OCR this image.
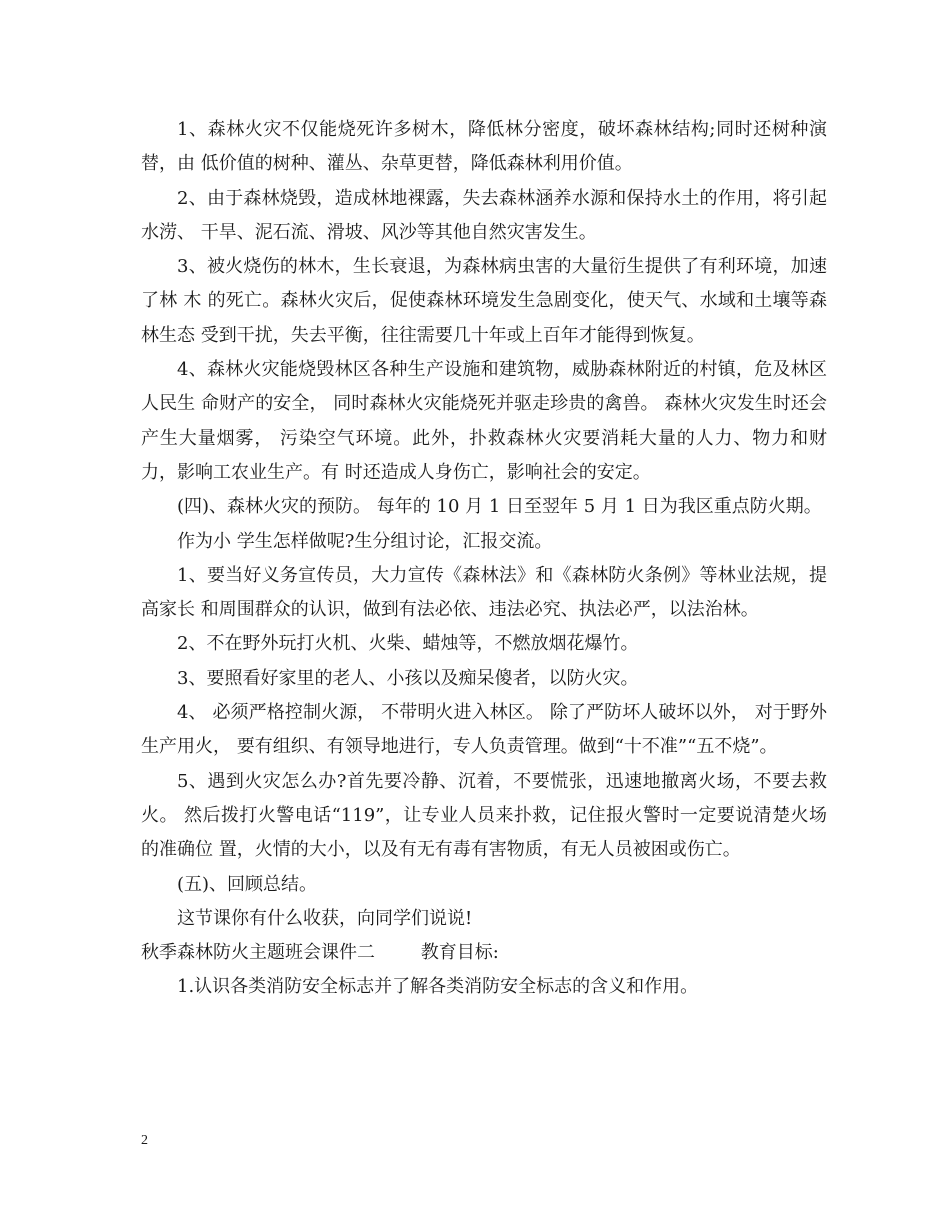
1、森林火灾不仅能烧死许多树木，降低林分密度，破坏森林结构;同时还树种演替，由 低价值的树种、灌丛、杂草更替，降低森林利用价值。

2、由于森林烧毁，造成林地裸露，失去森林涵养水源和保持水土的作用，将引起水涝、 干旱、泥石流、滑坡、风沙等其他自然灾害发生。

3、被火烧伤的林木，生长衰退，为森林病虫害的大量衍生提供了有利环境，加速了林 木 的死亡。森林火灾后，促使森林环境发生急剧变化，使天气、水域和土壤等森林生态 受到干扰，失去平衡，往往需要几十年或上百年才能得到恢复。

4、森林火灾能烧毁林区各种生产设施和建筑物，威胁森林附近的村镇，危及林区人民生 命财产的安全， 同时森林火灾能烧死并驱走珍贵的禽兽。 森林火灾发生时还会产生大量烟雾， 污染空气环境。此外，扑救森林火灾要消耗大量的人力、物力和财力，影响工农业生产。有 时还造成人身伤亡，影响社会的安定。

(四)、森林火灾的预防。 每年的 10 月 1 日至翌年 5 月 1 日为我区重点防火期。

作为小 学生怎样做呢?生分组讨论，汇报交流。

1、要当好义务宣传员，大力宣传《森林法》和《森林防火条例》等林业法规，提高家长 和周围群众的认识，做到有法必依、违法必究、执法必严，以法治林。

2、不在野外玩打火机、火柴、蜡烛等，不燃放烟花爆竹。

3、要照看好家里的老人、小孩以及痴呆傻者，以防火灾。

4、 必须严格控制火源， 不带明火进入林区。 除了严防坏人破坏以外， 对于野外生产用火， 要有组织、有领导地进行，专人负责管理。做到“十不准”“五不烧”。

5、遇到火灾怎么办?首先要冷静、沉着，不要慌张，迅速地撤离火场，不要去救火。 然后拨打火警电话“119”，让专业人员来扑救，记住报火警时一定要说清楚火场的准确位 置，火情的大小，以及有无有毒有害物质，有无人员被困或伤亡。

(五)、回顾总结。

这节课你有什么收获，向同学们说说!

秋季森林防火主题班会课件二        教育目标:

1.认识各类消防安全标志并了解各类消防安全标志的含义和作用。

2
